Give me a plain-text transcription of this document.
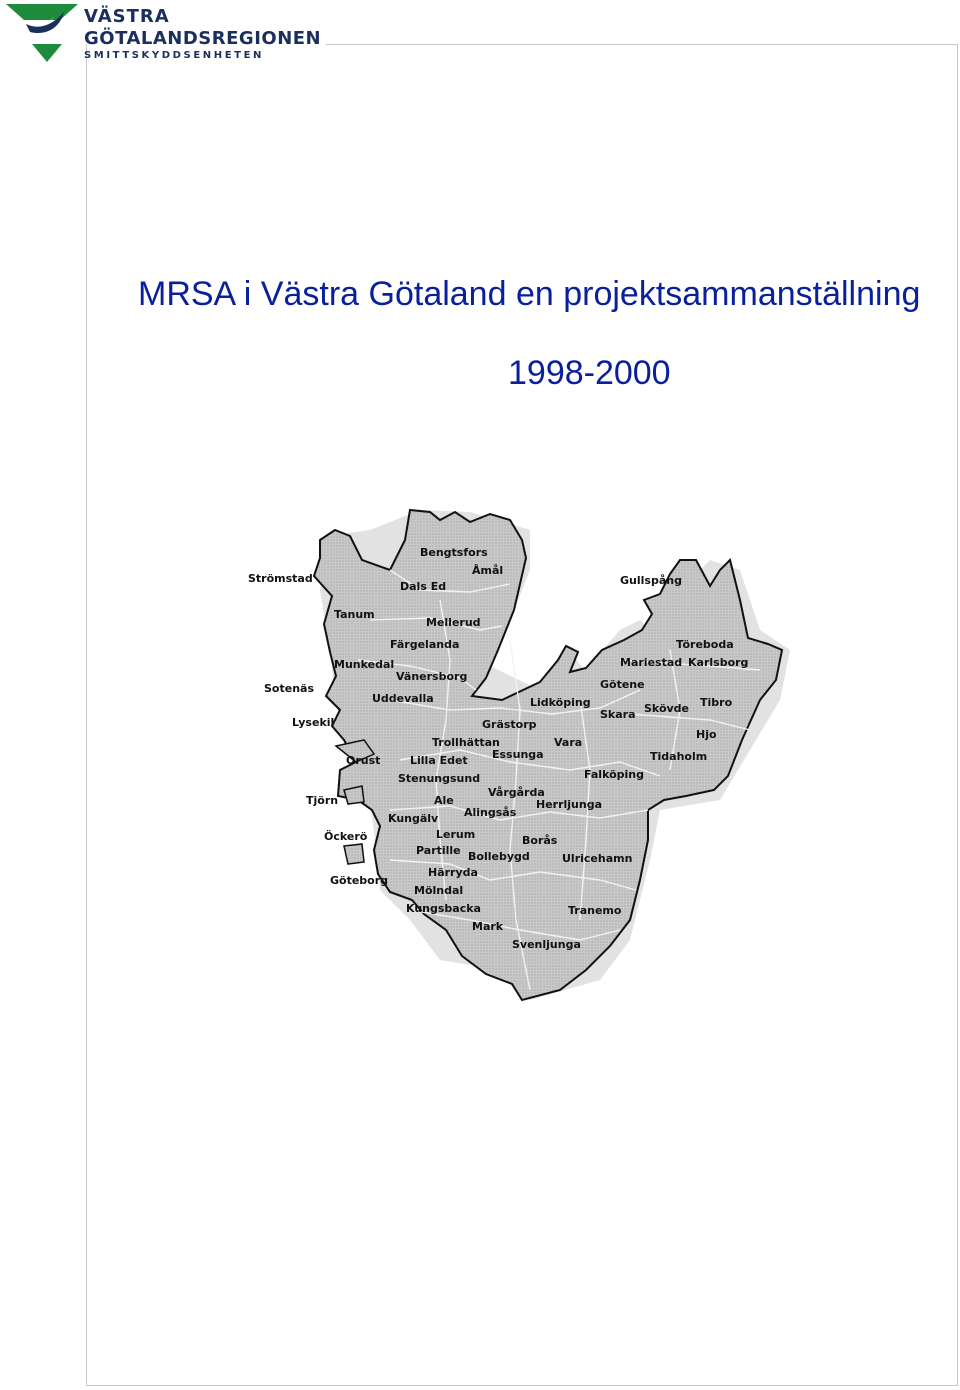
VÄSTRA
GÖTALANDSREGIONEN
SMITTSKYDDSENHETEN
MRSA i Västra Götaland en projektsammanställning
1998-2000
Strömstad
Bengtsfors
Åmål
Dals Ed
Tanum
Mellerud
Färgelanda
Munkedal
Vänersborg
Sotenäs
Uddevalla
Lysekil	Grästorp
Trollhättan
Essunga
Orust	Lilla Edet
Stenungsund
Tjörn	Ale
Vårgårda
Herrljunga
Kungälv Alingsås
Öckerö	Lerum	Borås
Partille Bollebygd	Ulricehamn
Härryda
Göteborg
Mölndal
Kungsbacka	Tranemo
Mark
Svenljunga
Gullspång
Töreboda
Mariestad Karlsborg
Götene
Lidköping
Skara Skövde Tibro
Hjo
Vara
Tidaholm
Falköping
